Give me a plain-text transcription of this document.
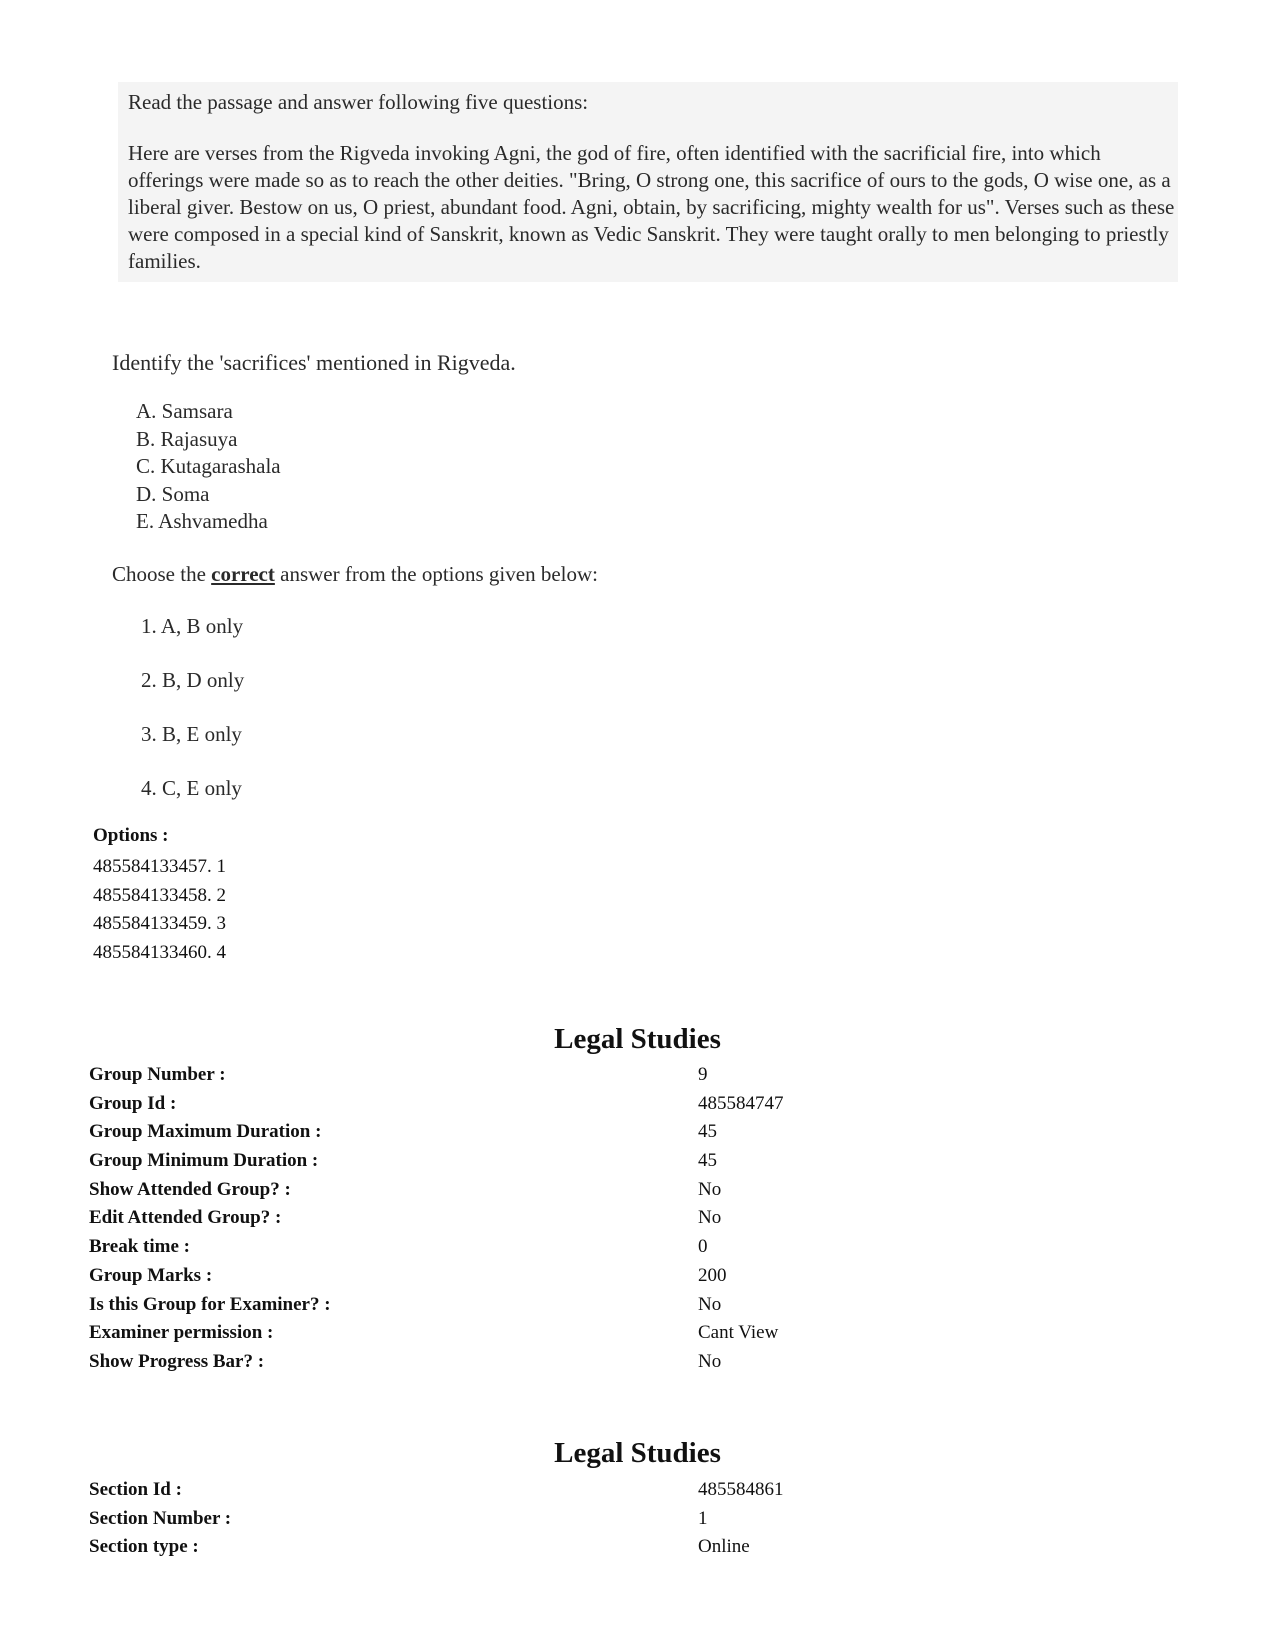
Read the passage and answer following five questions:
Here are verses from the Rigveda invoking Agni, the god of fire, often identified with the sacrificial fire, into which offerings were made so as to reach the other deities. "Bring, O strong one, this sacrifice of ours to the gods, O wise one, as a liberal giver. Bestow on us, O priest, abundant food. Agni, obtain, by sacrificing, mighty wealth for us". Verses such as these were composed in a special kind of Sanskrit, known as Vedic Sanskrit. They were taught orally to men belonging to priestly families.
Identify the 'sacrifices' mentioned in Rigveda.
A. Samsara
B. Rajasuya
C. Kutagarashala
D. Soma
E. Ashvamedha
Choose the correct answer from the options given below:
1. A, B only
2. B, D only
3. B, E only
4. C, E only
Options :
485584133457. 1
485584133458. 2
485584133459. 3
485584133460. 4
Legal Studies
Group Number :	9
Group Id :	485584747
Group Maximum Duration :	45
Group Minimum Duration :	45
Show Attended Group? :	No
Edit Attended Group? :	No
Break time :	0
Group Marks :	200
Is this Group for Examiner? :	No
Examiner permission :	Cant View
Show Progress Bar? :	No
Legal Studies
Section Id :	485584861
Section Number :	1
Section type :	Online
